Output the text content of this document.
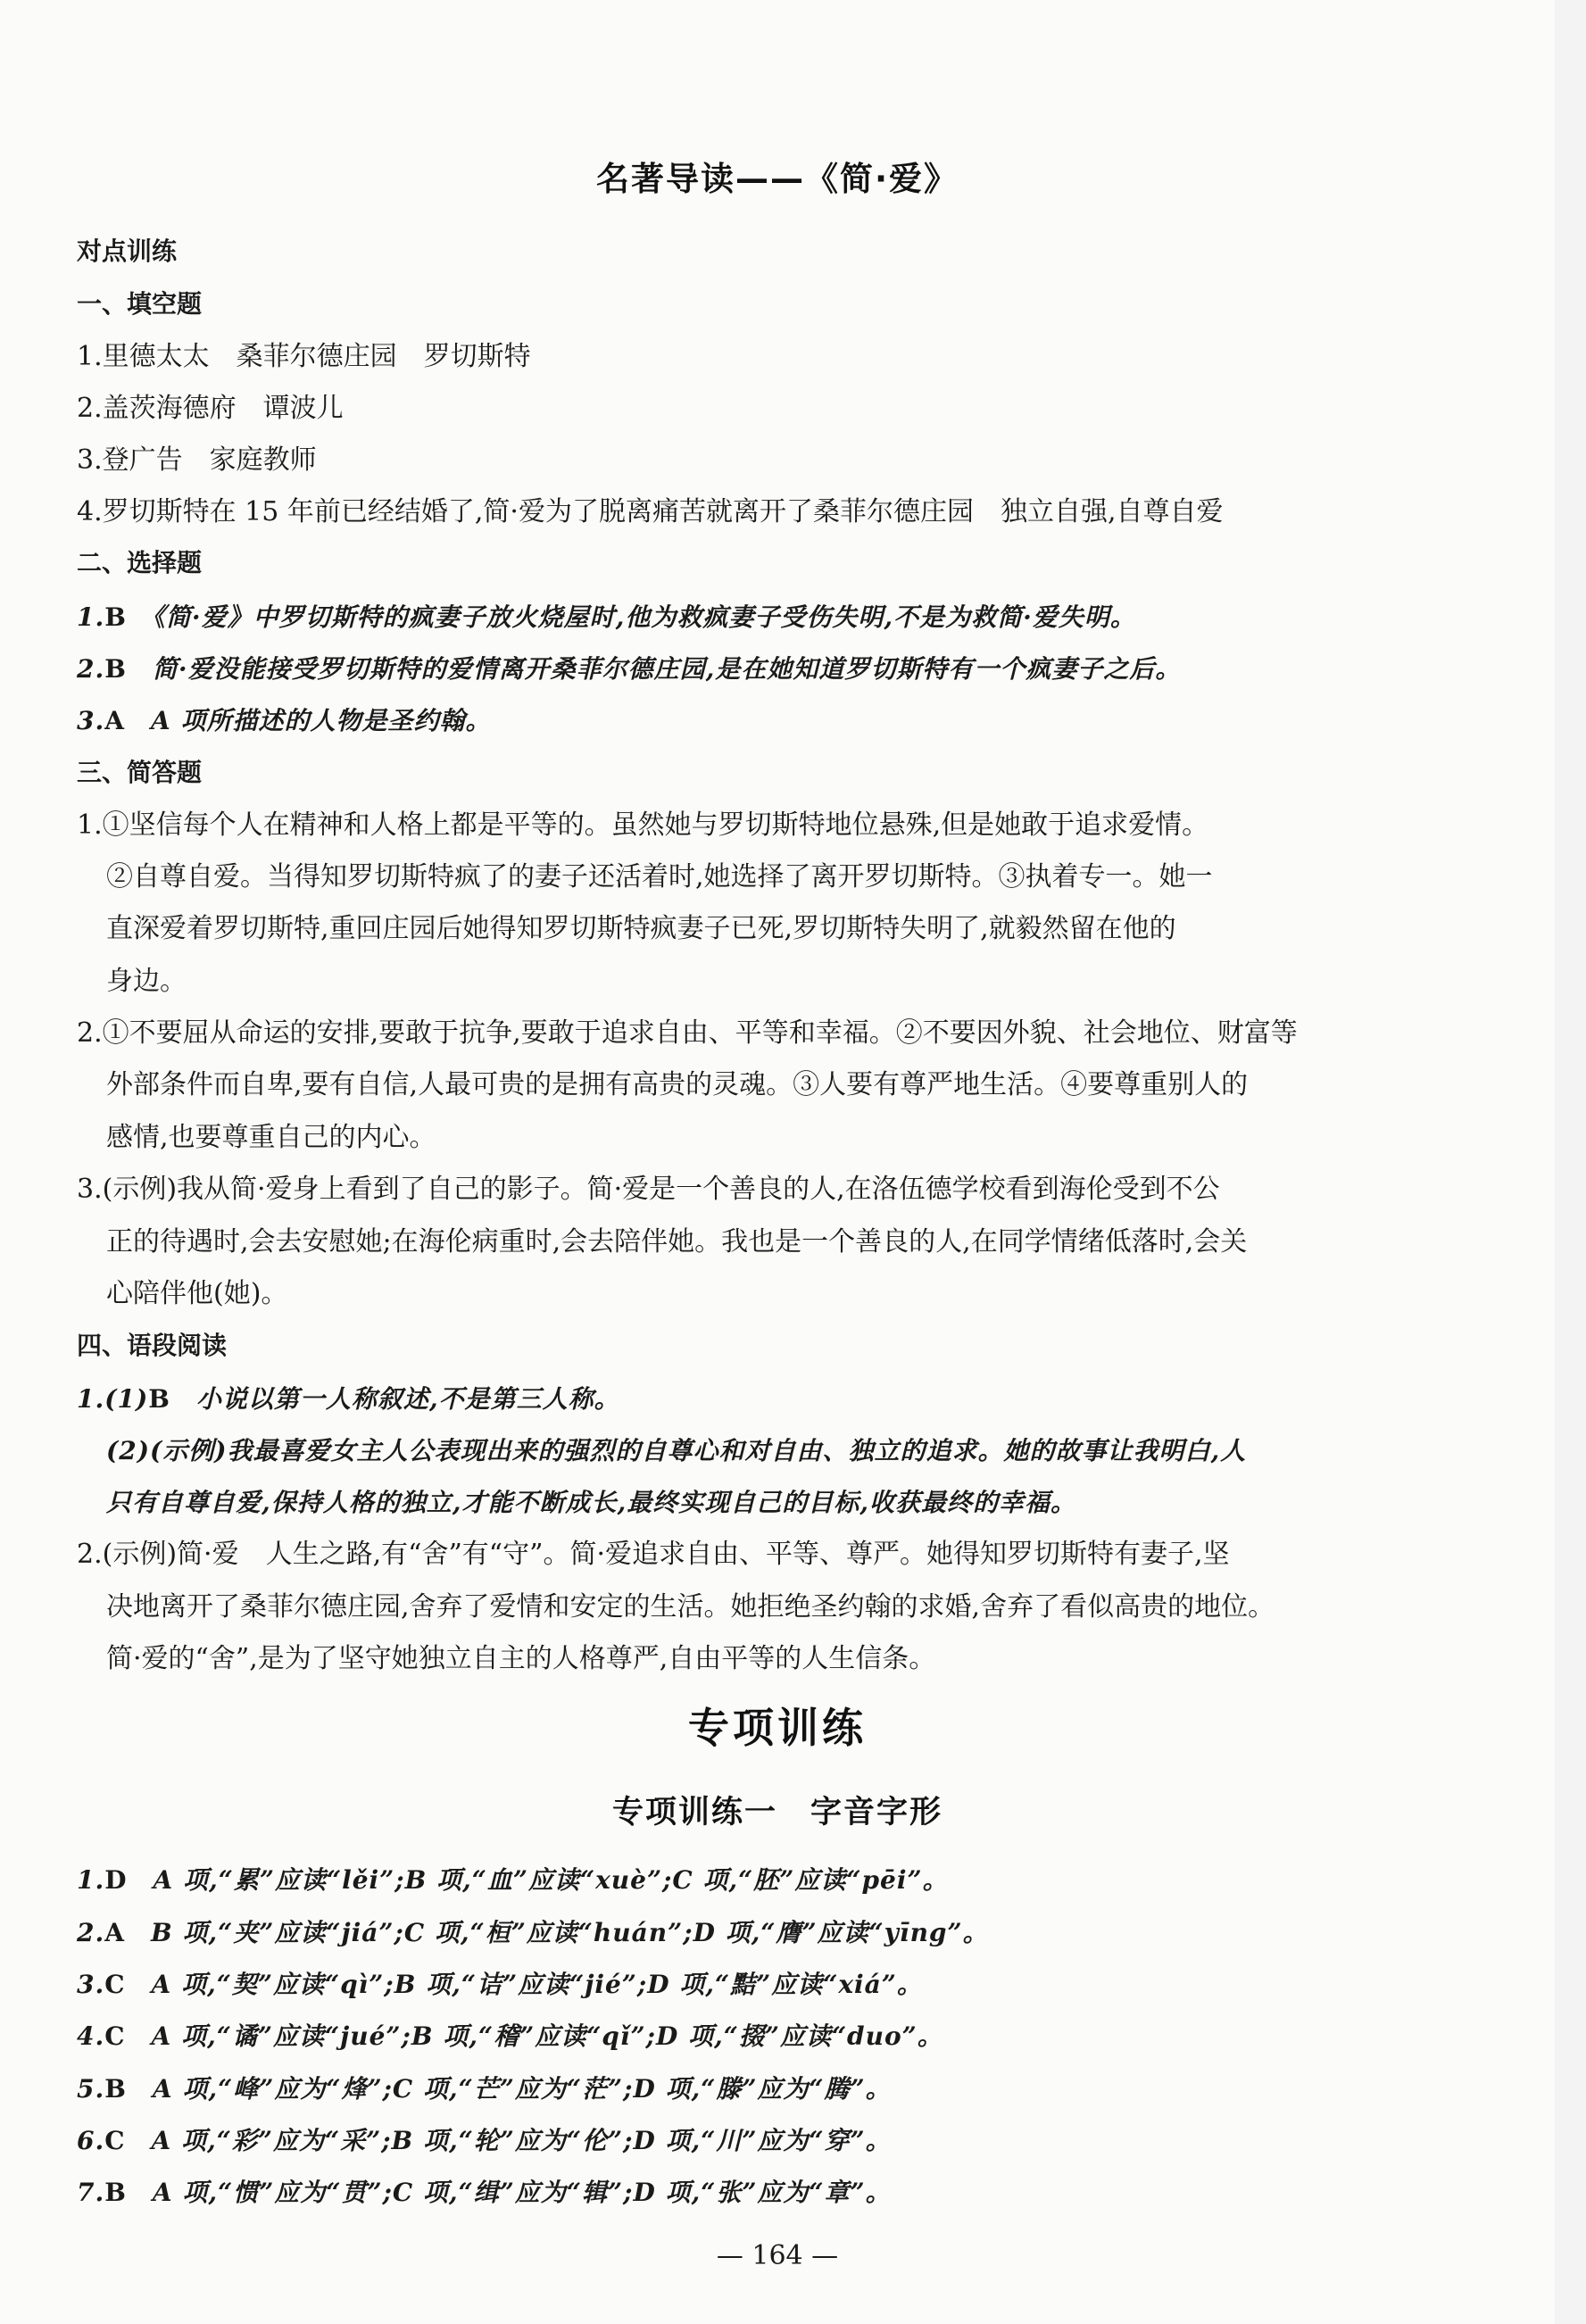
名著导读——《简·爱》
对点训练
一、填空题
1.里德太太　桑菲尔德庄园　罗切斯特
2.盖茨海德府　谭波儿
3.登广告　家庭教师
4.罗切斯特在 15 年前已经结婚了,简·爱为了脱离痛苦就离开了桑菲尔德庄园　独立自强,自尊自爱
二、选择题
1.B　 《简·爱》中罗切斯特的疯妻子放火烧屋时,他为救疯妻子受伤失明,不是为救简·爱失明。
2.B　 简·爱没能接受罗切斯特的爱情离开桑菲尔德庄园,是在她知道罗切斯特有一个疯妻子之后。
3.A　 A 项所描述的人物是圣约翰。
三、简答题
1.①坚信每个人在精神和人格上都是平等的。虽然她与罗切斯特地位悬殊,但是她敢于追求爱情。
②自尊自爱。当得知罗切斯特疯了的妻子还活着时,她选择了离开罗切斯特。③执着专一。她一
直深爱着罗切斯特,重回庄园后她得知罗切斯特疯妻子已死,罗切斯特失明了,就毅然留在他的
身边。
2.①不要屈从命运的安排,要敢于抗争,要敢于追求自由、平等和幸福。②不要因外貌、社会地位、财富等
外部条件而自卑,要有自信,人最可贵的是拥有高贵的灵魂。③人要有尊严地生活。④要尊重别人的
感情,也要尊重自己的内心。
3.(示例)我从简·爱身上看到了自己的影子。简·爱是一个善良的人,在洛伍德学校看到海伦受到不公
正的待遇时,会去安慰她;在海伦病重时,会去陪伴她。我也是一个善良的人,在同学情绪低落时,会关
心陪伴他(她)。
四、语段阅读
1.(1)B　 小说以第一人称叙述,不是第三人称。
(2)(示例)我最喜爱女主人公表现出来的强烈的自尊心和对自由、独立的追求。她的故事让我明白,人
只有自尊自爱,保持人格的独立,才能不断成长,最终实现自己的目标,收获最终的幸福。
2.(示例)简·爱　人生之路,有“舍”有“守”。简·爱追求自由、平等、尊严。她得知罗切斯特有妻子,坚
决地离开了桑菲尔德庄园,舍弃了爱情和安定的生活。她拒绝圣约翰的求婚,舍弃了看似高贵的地位。
简·爱的“舍”,是为了坚守她独立自主的人格尊严,自由平等的人生信条。
专项训练
专项训练一　字音字形
1.D　 A 项,“累”应读“lěi”;B 项,“血”应读“xuè”;C 项,“胚”应读“pēi”。
2.A　 B 项,“夹”应读“jiá”;C 项,“桓”应读“huán”;D 项,“膺”应读“yīng”。
3.C　 A 项,“契”应读“qì”;B 项,“诘”应读“jié”;D 项,“黠”应读“xiá”。
4.C　 A 项,“谲”应读“jué”;B 项,“稽”应读“qǐ”;D 项,“掇”应读“duo”。
5.B　 A 项,“峰”应为“烽”;C 项,“芒”应为“茫”;D 项,“滕”应为“腾”。
6.C　 A 项,“彩”应为“采”;B 项,“轮”应为“伦”;D 项,“川”应为“穿”。
7.B　 A 项,“惯”应为“贯”;C 项,“缉”应为“辑”;D 项,“张”应为“章”。
— 164 —
